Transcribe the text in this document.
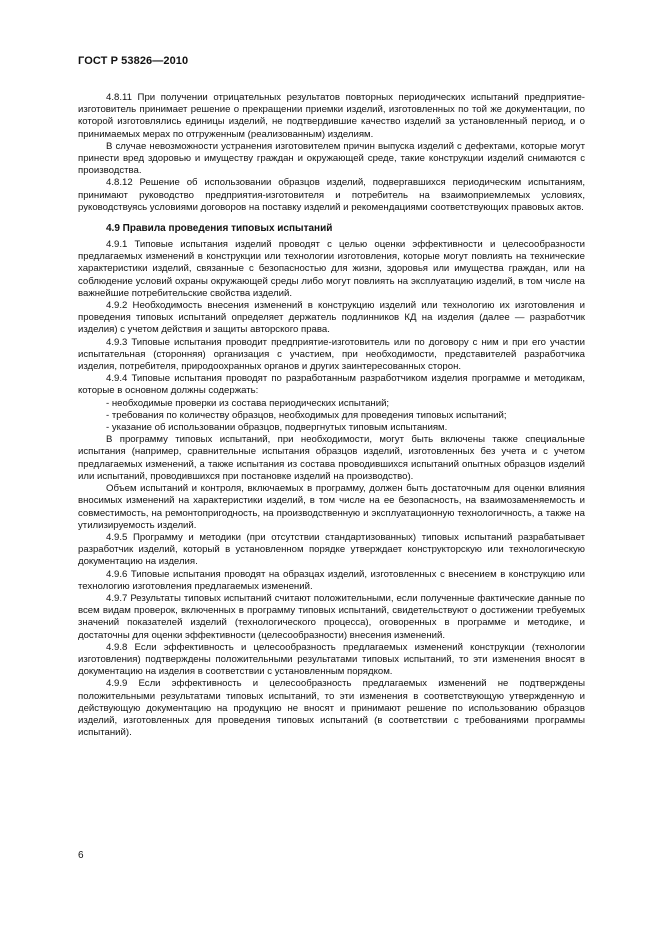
ГОСТ Р 53826—2010

4.8.11 При получении отрицательных результатов повторных периодических испытаний предприятие-изготовитель принимает решение о прекращении приемки изделий, изготовленных по той же документации, по которой изготовлялись единицы изделий, не подтвердившие качество изделий за установленный период, и о принимаемых мерах по отгруженным (реализованным) изделиям.

В случае невозможности устранения изготовителем причин выпуска изделий с дефектами, которые могут принести вред здоровью и имуществу граждан и окружающей среде, такие конструкции изделий снимаются с производства.

4.8.12 Решение об использовании образцов изделий, подвергавшихся периодическим испытаниям, принимают руководство предприятия-изготовителя и потребитель на взаимоприемлемых условиях, руководствуясь условиями договоров на поставку изделий и рекомендациями соответствующих правовых актов.

4.9 Правила проведения типовых испытаний

4.9.1 Типовые испытания изделий проводят с целью оценки эффективности и целесообразности предлагаемых изменений в конструкции или технологии изготовления, которые могут повлиять на технические характеристики изделий, связанные с безопасностью для жизни, здоровья или имущества граждан, или на соблюдение условий охраны окружающей среды либо могут повлиять на эксплуатацию изделий, в том числе на важнейшие потребительские свойства изделий.

4.9.2 Необходимость внесения изменений в конструкцию изделий или технологию их изготовления и проведения типовых испытаний определяет держатель подлинников КД на изделия (далее — разработчик изделия) с учетом действия и защиты авторского права.

4.9.3 Типовые испытания проводит предприятие-изготовитель или по договору с ним и при его участии испытательная (сторонняя) организация с участием, при необходимости, представителей разработчика изделия, потребителя, природоохранных органов и других заинтересованных сторон.

4.9.4 Типовые испытания проводят по разработанным разработчиком изделия программе и методикам, которые в основном должны содержать:

- необходимые проверки из состава периодических испытаний;

- требования по количеству образцов, необходимых для проведения типовых испытаний;

- указание об использовании образцов, подвергнутых типовым испытаниям.

В программу типовых испытаний, при необходимости, могут быть включены также специальные испытания (например, сравнительные испытания образцов изделий, изготовленных без учета и с учетом предлагаемых изменений, а также испытания из состава проводившихся испытаний опытных образцов изделий или испытаний, проводившихся при постановке изделий на производство).

Объем испытаний и контроля, включаемых в программу, должен быть достаточным для оценки влияния вносимых изменений на характеристики изделий, в том числе на ее безопасность, на взаимозаменяемость и совместимость, на ремонтопригодность, на производственную и эксплуатационную технологичность, а также на утилизируемость изделий.

4.9.5 Программу и методики (при отсутствии стандартизованных) типовых испытаний разрабатывает разработчик изделий, который в установленном порядке утверждает конструкторскую или технологическую документацию на изделия.

4.9.6 Типовые испытания проводят на образцах изделий, изготовленных с внесением в конструкцию или технологию изготовления предлагаемых изменений.

4.9.7 Результаты типовых испытаний считают положительными, если полученные фактические данные по всем видам проверок, включенных в программу типовых испытаний, свидетельствуют о достижении требуемых значений показателей изделий (технологического процесса), оговоренных в программе и методике, и достаточны для оценки эффективности (целесообразности) внесения изменений.

4.9.8 Если эффективность и целесообразность предлагаемых изменений конструкции (технологии изготовления) подтверждены положительными результатами типовых испытаний, то эти изменения вносят в документацию на изделия в соответствии с установленным порядком.

4.9.9 Если эффективность и целесообразность предлагаемых изменений не подтверждены положительными результатами типовых испытаний, то эти изменения в соответствующую утвержденную и действующую документацию на продукцию не вносят и принимают решение по использованию образцов изделий, изготовленных для проведения типовых испытаний (в соответствии с требованиями программы испытаний).

6
